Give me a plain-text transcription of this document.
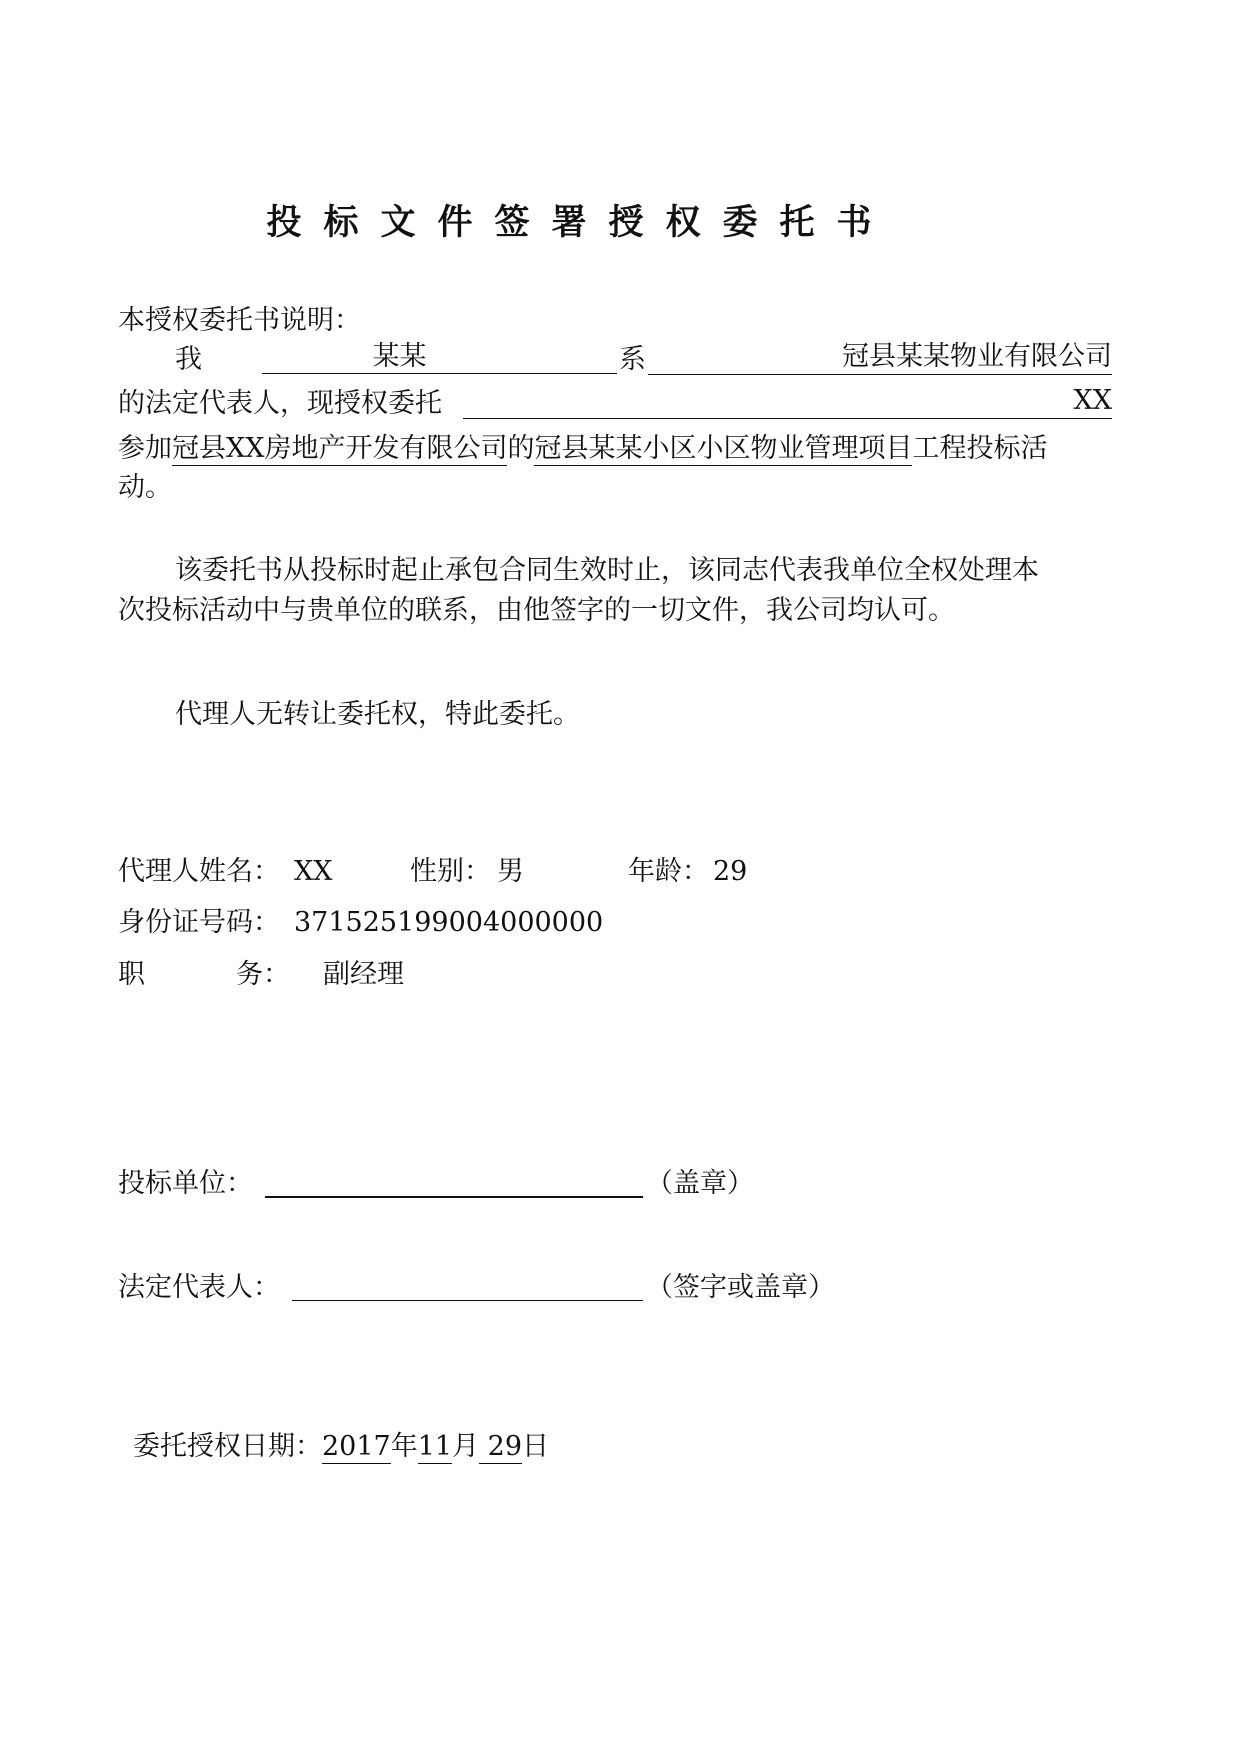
投标文件签署授权委托书
本授权委托书说明：
我	某某	系	冠县某某物业有限公司
的法定代表人，现授权委托	XX
参加冠县XX房地产开发有限公司的冠县某某小区小区物业管理项目工程投标活
动。
该委托书从投标时起止承包合同生效时止，该同志代表我单位全权处理本
次投标活动中与贵单位的联系，由他签字的一切文件，我公司均认可。
代理人无转让委托权，特此委托。
代理人姓名： XX	性别： 男	年龄： 29
身份证号码： 371525199004000000
职	务： 副经理
投标单位：	（盖章）
法定代表人：	（签字或盖章）
委托授权日期：2017年11月 29日
